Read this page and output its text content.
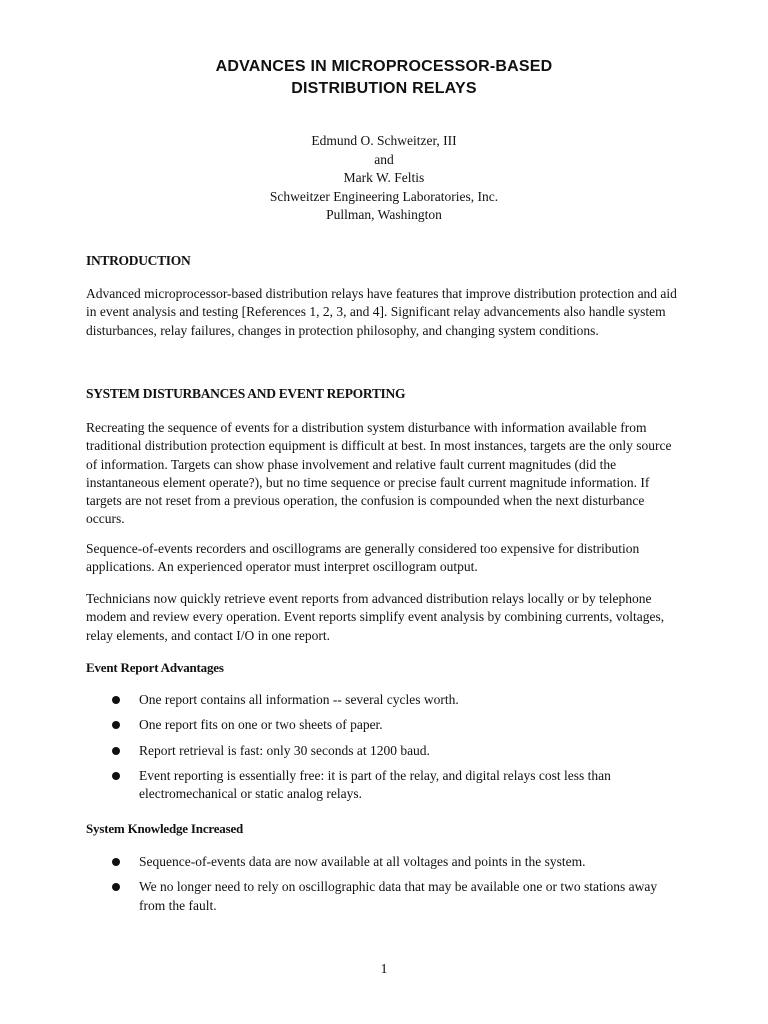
ADVANCES IN MICROPROCESSOR-BASED
DISTRIBUTION RELAYS
Edmund O. Schweitzer, III
and
Mark W. Feltis
Schweitzer Engineering Laboratories, Inc.
Pullman, Washington
INTRODUCTION
Advanced microprocessor-based distribution relays have features that improve distribution protection and aid in event analysis and testing [References 1, 2, 3, and 4]. Significant relay advancements also handle system disturbances, relay failures, changes in protection philosophy, and changing system conditions.
SYSTEM DISTURBANCES AND EVENT REPORTING
Recreating the sequence of events for a distribution system disturbance with information available from traditional distribution protection equipment is difficult at best. In most instances, targets are the only source of information. Targets can show phase involvement and relative fault current magnitudes (did the instantaneous element operate?), but no time sequence or precise fault current magnitude information. If targets are not reset from a previous operation, the confusion is compounded when the next disturbance occurs.
Sequence-of-events recorders and oscillograms are generally considered too expensive for distribution applications. An experienced operator must interpret oscillogram output.
Technicians now quickly retrieve event reports from advanced distribution relays locally or by telephone modem and review every operation. Event reports simplify event analysis by combining currents, voltages, relay elements, and contact I/O in one report.
Event Report Advantages
One report contains all information -- several cycles worth.
One report fits on one or two sheets of paper.
Report retrieval is fast: only 30 seconds at 1200 baud.
Event reporting is essentially free: it is part of the relay, and digital relays cost less than electromechanical or static analog relays.
System Knowledge Increased
Sequence-of-events data are now available at all voltages and points in the system.
We no longer need to rely on oscillographic data that may be available one or two stations away from the fault.
1
